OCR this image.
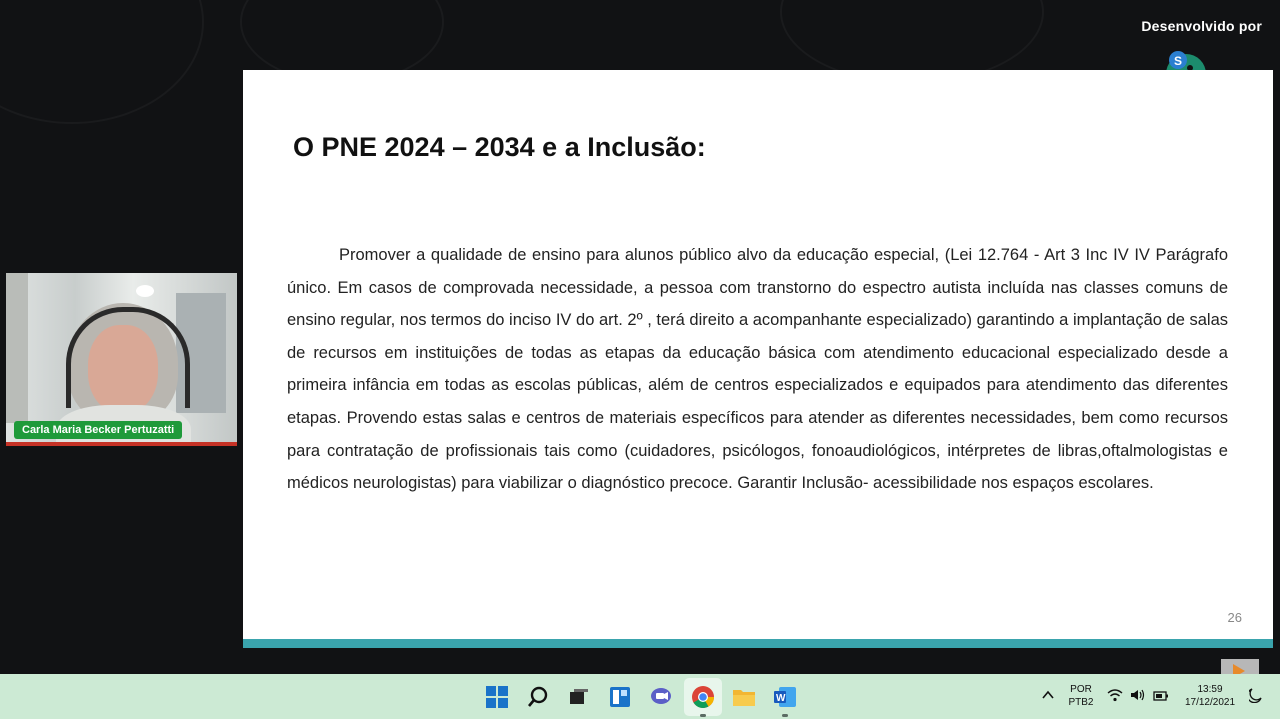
Desenvolvido por
S
O PNE 2024 – 2034 e a Inclusão:
Promover a qualidade de ensino para alunos público alvo da educação especial, (Lei 12.764 - Art 3 Inc IV IV Parágrafo único. Em casos de comprovada necessidade, a pessoa com transtorno do espectro autista incluída nas classes comuns de ensino regular, nos termos do inciso IV do art. 2º , terá direito a acompanhante especializado) garantindo a implantação de salas de recursos em instituições de todas as etapas da educação básica com atendimento educacional especializado desde a primeira infância em todas as escolas públicas, além de centros especializados e equipados para atendimento das diferentes etapas. Provendo estas salas e centros de materiais específicos para atender as diferentes necessidades, bem como recursos para contratação de profissionais tais como (cuidadores, psicólogos, fonoaudiológicos, intérpretes de libras,oftalmologistas e médicos neurologistas) para viabilizar o diagnóstico precoce. Garantir Inclusão- acessibilidade nos espaços escolares.
26
Carla Maria Becker Pertuzatti
W
POR
PTB2
13:59
17/12/2021
